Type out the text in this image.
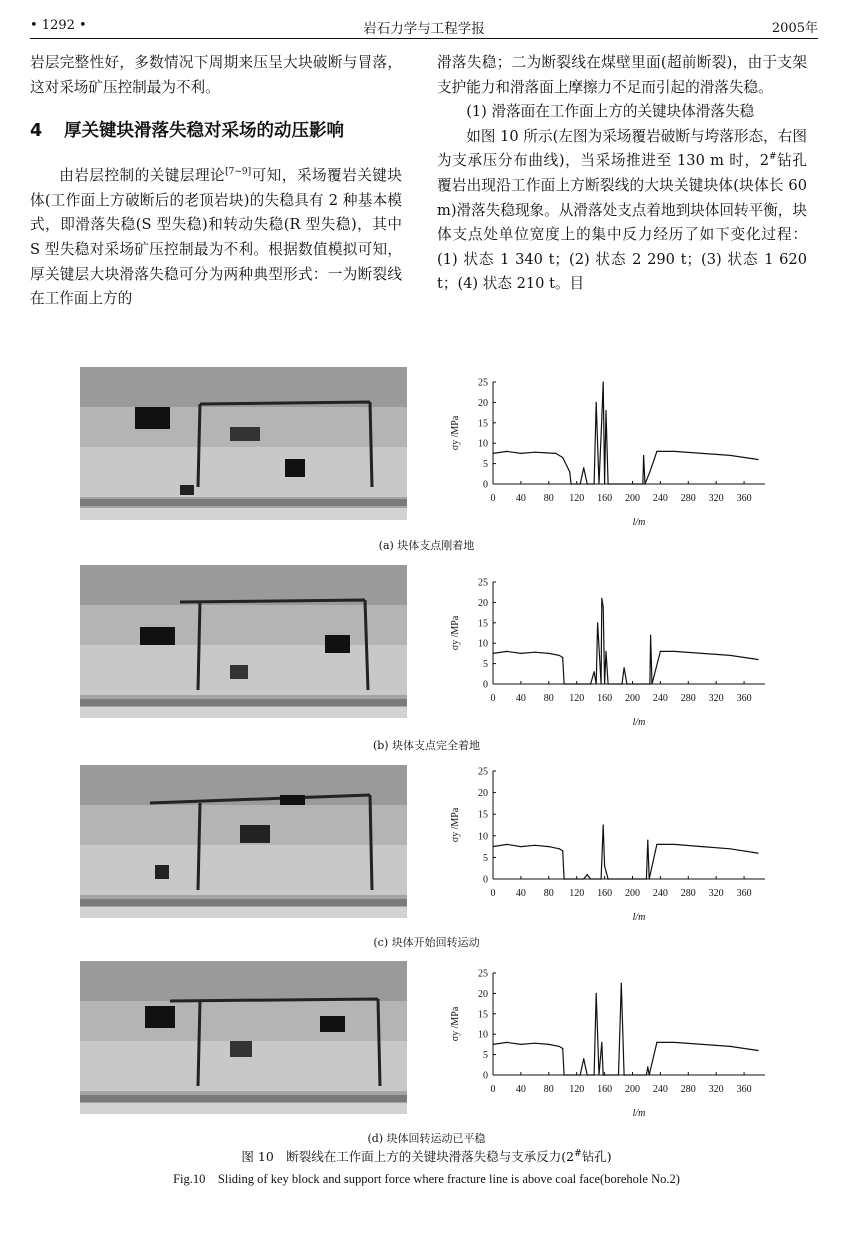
• 1292 •	岩石力学与工程学报	2005年

岩层完整性好，多数情况下周期来压呈大块破断与冒落，这对采场矿压控制最为不利。

4 厚关键块滑落失稳对采场的动压影响

由岩层控制的关键层理论[7~9]可知，采场覆岩关键块体(工作面上方破断后的老顶岩块)的失稳具有 2 种基本模式，即滑落失稳(S 型失稳)和转动失稳(R 型失稳)，其中 S 型失稳对采场矿压控制最为不利。根据数值模拟可知，厚关键层大块滑落失稳可分为两种典型形式：一为断裂线在工作面上方的

滑落失稳；二为断裂线在煤壁里面(超前断裂)，由于支架支护能力和滑落面上摩擦力不足而引起的滑落失稳。

(1) 滑落面在工作面上方的关键块体滑落失稳

如图 10 所示(左图为采场覆岩破断与垮落形态，右图为支承压分布曲线)，当采场推进至 130 m 时，2#钻孔覆岩出现沿工作面上方断裂线的大块关键块体(块体长 60 m)滑落失稳现象。从滑落处支点着地到块体回转平衡，块体支点处单位宽度上的集中反力经历了如下变化过程：(1) 状态 1 340 t；(2) 状态 2 290 t；(3) 状态 1 620 t；(4) 状态 210 t。目

0
5
10
15
20
25
0 40 80 120 160 200 240 280 320 360
l/m
σy /MPa
0
5
10
15
20
25
0 40 80 120 160 200 240 280 320 360
l/m
σy /MPa
0
5
10
15
20
25
0 40 80 120 160 200 240 280 320 360
l/m
σy /MPa
0
5
10
15
20
25
0 40 80 120 160 200 240 280 320 360
l/m
σy /MPa
(a) 块体支点刚着地
(b) 块体支点完全着地
(c) 块体开始回转运动
(d) 块体回转运动已平稳
图 10　断裂线在工作面上方的关键块滑落失稳与支承反力(2#钻孔)
Fig.10　Sliding of key block and support force where fracture line is above coal face(borehole No.2)
